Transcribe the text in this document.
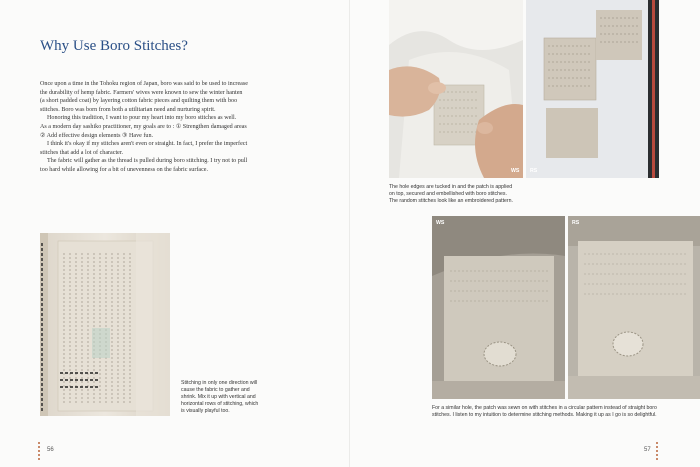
Why Use Boro Stitches?

Once upon a time in the Tohoku region of Japan, boro was said to be used to increase

the durability of hemp fabric. Farmers' wives were known to sew the winter hanten

(a short padded coat) by layering cotton fabric pieces and quilting them with boo

stitches. Boro was born from both a utilitarian need and nurturing spirit.

Honoring this tradition, I want to pour my heart into my boro stitches as well.

As a modern day sashiko practitioner, my goals are to : ① Strengthen damaged areas

② Add effective design elements ③ Have fun.

I think it's okay if my stitches aren't even or straight. In fact, I prefer the imperfect

stitches that add a lot of character.

The fabric will gather as the thread is pulled during boro stitching. I try not to pull

too hard while allowing for a bit of unevenness on the fabric surface.

Stitching in only one direction will

cause the fabric to gather and

shrink. Mix it up with vertical and

horizontal rows of stitching, which

is visually playful too.

56
WS RS

The hole edges are tucked in and the patch is applied

on top, secured and embellished with boro stitches.

The random stitches look like an embroidered pattern.

WS	RS

For a similar hole, the patch was sewn on with stitches in a circular pattern instead of straight boro

stitches. I listen to my intuition to determine stitching methods. Making it up as I go is so delightful.

57
